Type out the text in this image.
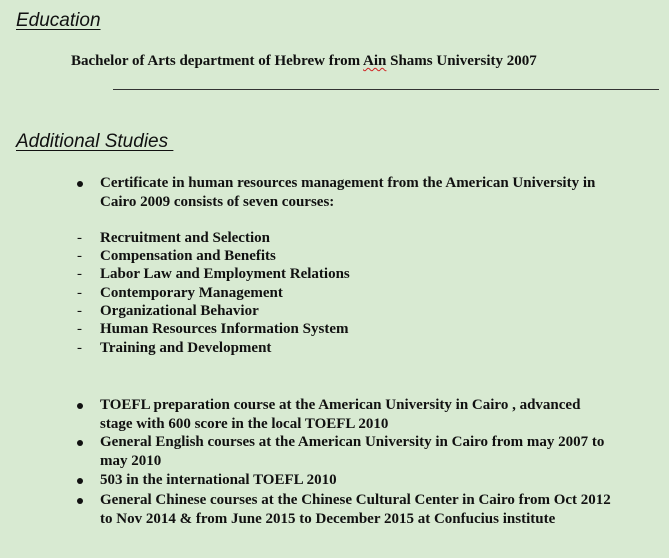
Education
Bachelor of Arts department of Hebrew from Ain Shams University 2007
Additional Studies
Certificate in human resources management from the American University in
Cairo 2009 consists of seven courses:
-	Recruitment and Selection
-	Compensation and Benefits
-	Labor Law and Employment Relations
-	Contemporary Management
-	Organizational Behavior
-	Human Resources Information System
-	Training and Development
TOEFL preparation course at the American University in Cairo , advanced
stage with 600 score in the local TOEFL 2010
General English courses at the American University in Cairo from may 2007 to
may 2010
503 in the international TOEFL 2010
General Chinese courses at the Chinese Cultural Center in Cairo from Oct 2012
to Nov 2014 & from June 2015 to December 2015 at Confucius institute
